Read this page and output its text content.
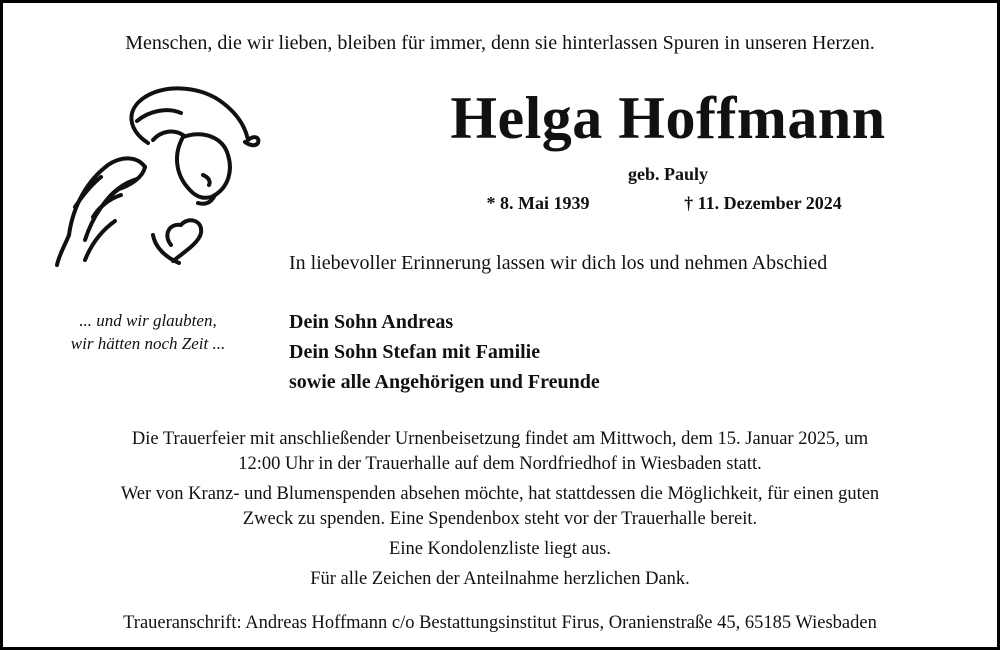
Menschen, die wir lieben, bleiben für immer, denn sie hinterlassen Spuren in unseren Herzen.
... und wir glaubten,
wir hätten noch Zeit ...
Helga Hoffmann
geb. Pauly
* 8. Mai 1939	† 11. Dezember 2024
In liebevoller Erinnerung lassen wir dich los und nehmen Abschied
Dein Sohn Andreas
Dein Sohn Stefan mit Familie
sowie alle Angehörigen und Freunde

Die Trauerfeier mit anschließender Urnenbeisetzung findet am Mittwoch, dem 15. Januar 2025, um
12:00 Uhr in der Trauerhalle auf dem Nordfriedhof in Wiesbaden statt.

Wer von Kranz- und Blumenspenden absehen möchte, hat stattdessen die Möglichkeit, für einen guten
Zweck zu spenden. Eine Spendenbox steht vor der Trauerhalle bereit.

Eine Kondolenzliste liegt aus.

Für alle Zeichen der Anteilnahme herzlichen Dank.

Traueranschrift: Andreas Hoffmann c/o Bestattungsinstitut Firus, Oranienstraße 45, 65185 Wiesbaden
